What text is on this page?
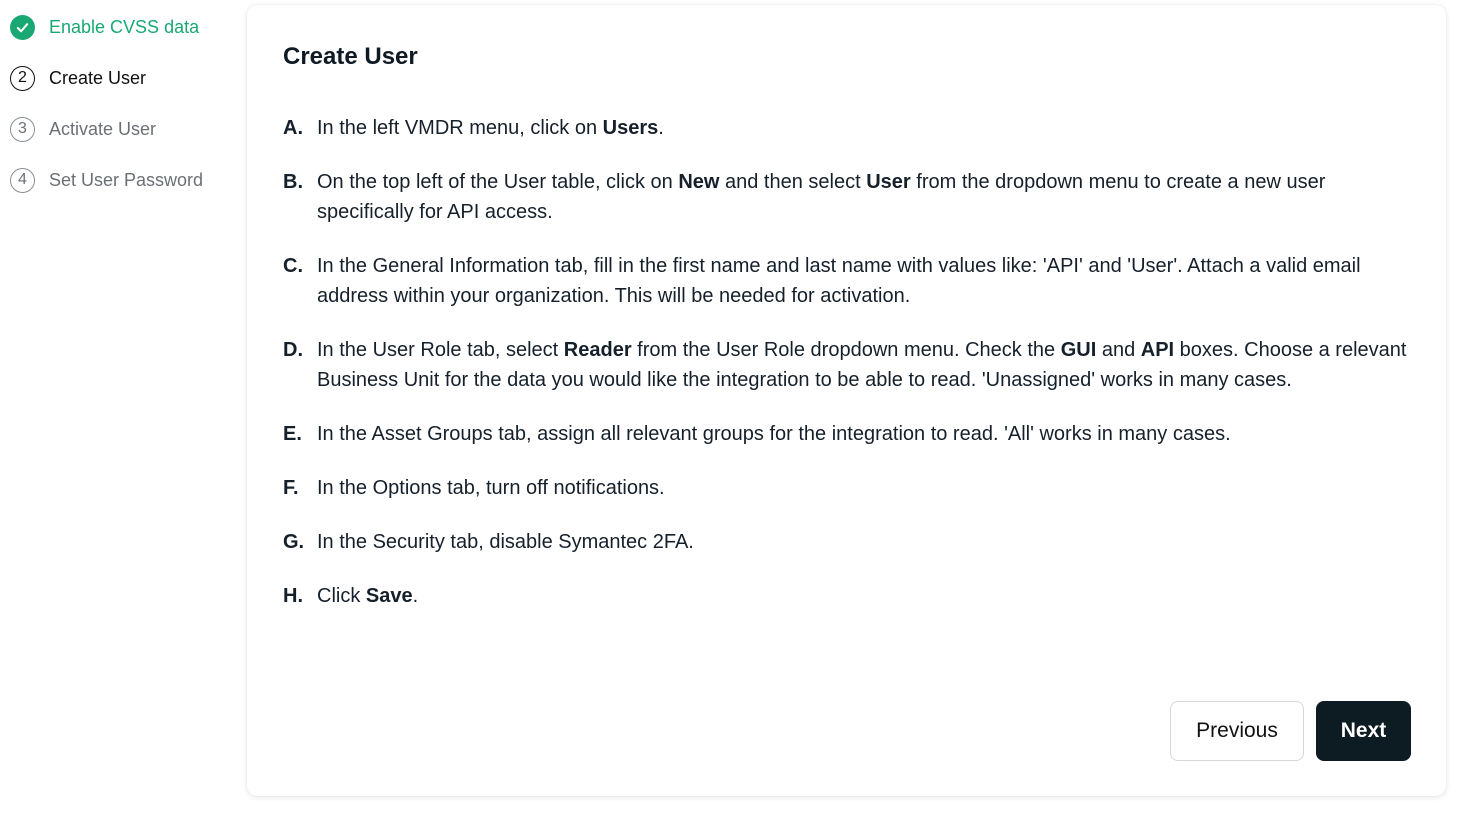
Enable CVSS data
2	Create User
3	Activate User
4	Set User Password
Create User
A. In the left VMDR menu, click on Users.
B. On the top left of the User table, click on New and then select User from the dropdown menu to create a new user specifically for API access.
C. In the General Information tab, fill in the first name and last name with values like: 'API' and 'User'. Attach a valid email address within your organization. This will be needed for activation.
D. In the User Role tab, select Reader from the User Role dropdown menu. Check the GUI and API boxes. Choose a relevant Business Unit for the data you would like the integration to be able to read. 'Unassigned' works in many cases.
E. In the Asset Groups tab, assign all relevant groups for the integration to read. 'All' works in many cases.
F. In the Options tab, turn off notifications.
G. In the Security tab, disable Symantec 2FA.
H. Click Save.
Previous	Next
